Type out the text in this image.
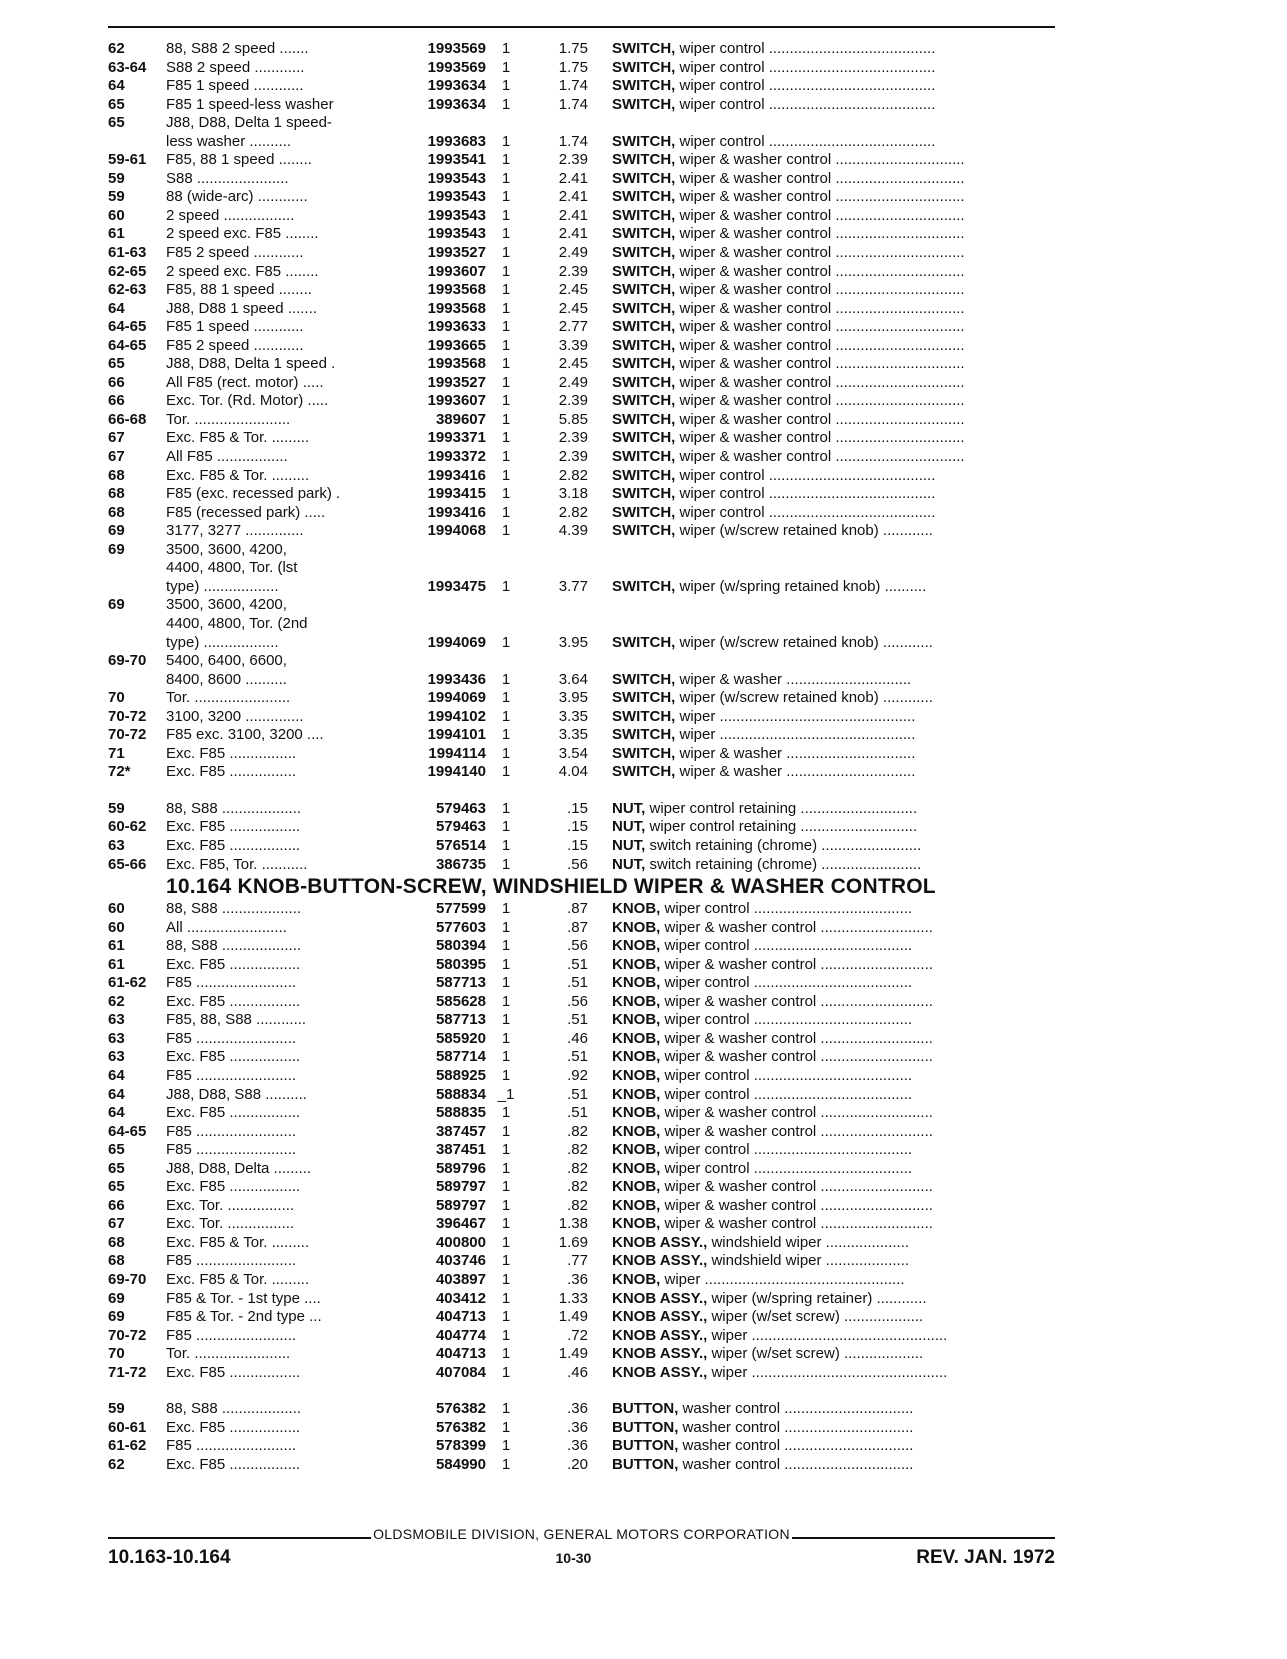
62	88, S88 2 speed .......	1993569	1	1.75	SWITCH, wiper control ........................................
63-64	S88 2 speed ............	1993569	1	1.75	SWITCH, wiper control ........................................
64	F85 1 speed ............	1993634	1	1.74	SWITCH, wiper control ........................................
65	F85 1 speed-less washer	1993634	1	1.74	SWITCH, wiper control ........................................
65	J88, D88, Delta 1 speed-
less washer ..........	1993683	1	1.74	SWITCH, wiper control ........................................
59-61	F85, 88 1 speed ........	1993541	1	2.39	SWITCH, wiper & washer control ...............................
59	S88 ......................	1993543	1	2.41	SWITCH, wiper & washer control ...............................
59	88 (wide-arc) ............	1993543	1	2.41	SWITCH, wiper & washer control ...............................
60	2 speed .................	1993543	1	2.41	SWITCH, wiper & washer control ...............................
61	2 speed exc. F85 ........	1993543	1	2.41	SWITCH, wiper & washer control ...............................
61-63	F85 2 speed ............	1993527	1	2.49	SWITCH, wiper & washer control ...............................
62-65	2 speed exc. F85 ........	1993607	1	2.39	SWITCH, wiper & washer control ...............................
62-63	F85, 88 1 speed ........	1993568	1	2.45	SWITCH, wiper & washer control ...............................
64	J88, D88 1 speed .......	1993568	1	2.45	SWITCH, wiper & washer control ...............................
64-65	F85 1 speed ............	1993633	1	2.77	SWITCH, wiper & washer control ...............................
64-65	F85 2 speed ............	1993665	1	3.39	SWITCH, wiper & washer control ...............................
65	J88, D88, Delta 1 speed .	1993568	1	2.45	SWITCH, wiper & washer control ...............................
66	All F85 (rect. motor) .....	1993527	1	2.49	SWITCH, wiper & washer control ...............................
66	Exc. Tor. (Rd. Motor) .....	1993607	1	2.39	SWITCH, wiper & washer control ...............................
66-68	Tor. .......................	389607	1	5.85	SWITCH, wiper & washer control ...............................
67	Exc. F85 & Tor. .........	1993371	1	2.39	SWITCH, wiper & washer control ...............................
67	All F85 .................	1993372	1	2.39	SWITCH, wiper & washer control ...............................
68	Exc. F85 & Tor. .........	1993416	1	2.82	SWITCH, wiper control ........................................
68	F85 (exc. recessed park) .	1993415	1	3.18	SWITCH, wiper control ........................................
68	F85 (recessed park) .....	1993416	1	2.82	SWITCH, wiper control ........................................
69	3177, 3277 ..............	1994068	1	4.39	SWITCH, wiper (w/screw retained knob) ............
69	3500, 3600, 4200,
4400, 4800, Tor. (lst
type) ..................	1993475	1	3.77	SWITCH, wiper (w/spring retained knob) ..........
69	3500, 3600, 4200,
4400, 4800, Tor. (2nd
type) ..................	1994069	1	3.95	SWITCH, wiper (w/screw retained knob) ............
69-70	5400, 6400, 6600,
8400, 8600 ..........	1993436	1	3.64	SWITCH, wiper & washer ..............................
70	Tor. .......................	1994069	1	3.95	SWITCH, wiper (w/screw retained knob) ............
70-72	3100, 3200 ..............	1994102	1	3.35	SWITCH, wiper ...............................................
70-72	F85 exc. 3100, 3200 ....	1994101	1	3.35	SWITCH, wiper ...............................................
71	Exc. F85 ................	1994114	1	3.54	SWITCH, wiper & washer ...............................
72*	Exc. F85 ................	1994140	1	4.04	SWITCH, wiper & washer ...............................
59	88, S88 ...................	579463	1	.15	NUT, wiper control retaining ............................
60-62	Exc. F85 .................	579463	1	.15	NUT, wiper control retaining ............................
63	Exc. F85 .................	576514	1	.15	NUT, switch retaining (chrome) ........................
65-66	Exc. F85, Tor. ...........	386735	1	.56	NUT, switch retaining (chrome) ........................
10.164 KNOB-BUTTON-SCREW, WINDSHIELD WIPER & WASHER CONTROL
60	88, S88 ...................	577599	1	.87	KNOB, wiper control ......................................
60	All ........................	577603	1	.87	KNOB, wiper & washer control ...........................
61	88, S88 ...................	580394	1	.56	KNOB, wiper control ......................................
61	Exc. F85 .................	580395	1	.51	KNOB, wiper & washer control ...........................
61-62	F85 ........................	587713	1	.51	KNOB, wiper control ......................................
62	Exc. F85 .................	585628	1	.56	KNOB, wiper & washer control ...........................
63	F85, 88, S88 ............	587713	1	.51	KNOB, wiper control ......................................
63	F85 ........................	585920	1	.46	KNOB, wiper & washer control ...........................
63	Exc. F85 .................	587714	1	.51	KNOB, wiper & washer control ...........................
64	F85 ........................	588925	1	.92	KNOB, wiper control ......................................
64	J88, D88, S88 ..........	588834 _1	.51	KNOB, wiper control ......................................
64	Exc. F85 .................	588835	1	.51	KNOB, wiper & washer control ...........................
64-65	F85 ........................	387457	1	.82	KNOB, wiper & washer control ...........................
65	F85 ........................	387451	1	.82	KNOB, wiper control ......................................
65	J88, D88, Delta .........	589796	1	.82	KNOB, wiper control ......................................
65	Exc. F85 .................	589797	1	.82	KNOB, wiper & washer control ...........................
66	Exc. Tor. ................	589797	1	.82	KNOB, wiper & washer control ...........................
67	Exc. Tor. ................	396467	1	1.38	KNOB, wiper & washer control ...........................
68	Exc. F85 & Tor. .........	400800	1	1.69	KNOB ASSY., windshield wiper ....................
68	F85 ........................	403746	1	.77	KNOB ASSY., windshield wiper ....................
69-70	Exc. F85 & Tor. .........	403897	1	.36	KNOB, wiper ................................................
69	F85 & Tor. - 1st type ....	403412	1	1.33	KNOB ASSY., wiper (w/spring retainer) ............
69	F85 & Tor. - 2nd type ...	404713	1	1.49	KNOB ASSY., wiper (w/set screw) ...................
70-72	F85 ........................	404774	1	.72	KNOB ASSY., wiper ...............................................
70	Tor. .......................	404713	1	1.49	KNOB ASSY., wiper (w/set screw) ...................
71-72	Exc. F85 .................	407084	1	.46	KNOB ASSY., wiper ...............................................
59	88, S88 ...................	576382	1	.36	BUTTON, washer control ...............................
60-61	Exc. F85 .................	576382	1	.36	BUTTON, washer control ...............................
61-62	F85 ........................	578399	1	.36	BUTTON, washer control ...............................
62	Exc. F85 .................	584990	1	.20	BUTTON, washer control ...............................
OLDSMOBILE DIVISION, GENERAL MOTORS CORPORATION
10.163-10.164	10-30	REV. JAN. 1972
